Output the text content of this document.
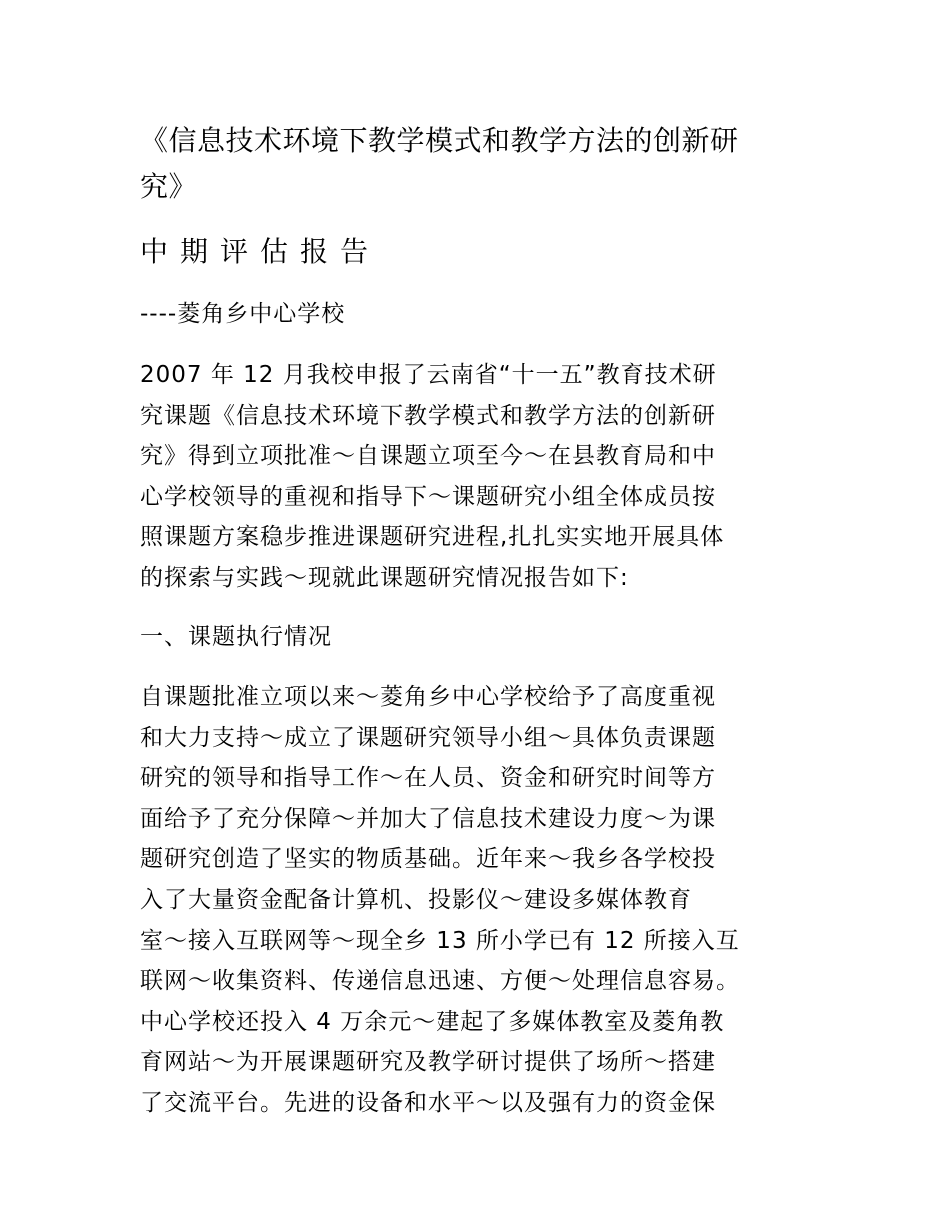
《信息技术环境下教学模式和教学方法的创新研
究》
中期评估报告
----菱角乡中心学校
2007 年 12 月我校申报了云南省“十一五”教育技术研
究课题《信息技术环境下教学模式和教学方法的创新研
究》得到立项批准～自课题立项至今～在县教育局和中
心学校领导的重视和指导下～课题研究小组全体成员按
照课题方案稳步推进课题研究进程,扎扎实实地开展具体
的探索与实践～现就此课题研究情况报告如下:
一、课题执行情况
自课题批准立项以来～菱角乡中心学校给予了高度重视
和大力支持～成立了课题研究领导小组～具体负责课题
研究的领导和指导工作～在人员、资金和研究时间等方
面给予了充分保障～并加大了信息技术建设力度～为课
题研究创造了坚实的物质基础。近年来～我乡各学校投
入了大量资金配备计算机、投影仪～建设多媒体教育
室～接入互联网等～现全乡 13 所小学已有 12 所接入互
联网～收集资料、传递信息迅速、方便～处理信息容易。
中心学校还投入 4 万余元～建起了多媒体教室及菱角教
育网站～为开展课题研究及教学研讨提供了场所～搭建
了交流平台。先进的设备和水平～以及强有力的资金保
